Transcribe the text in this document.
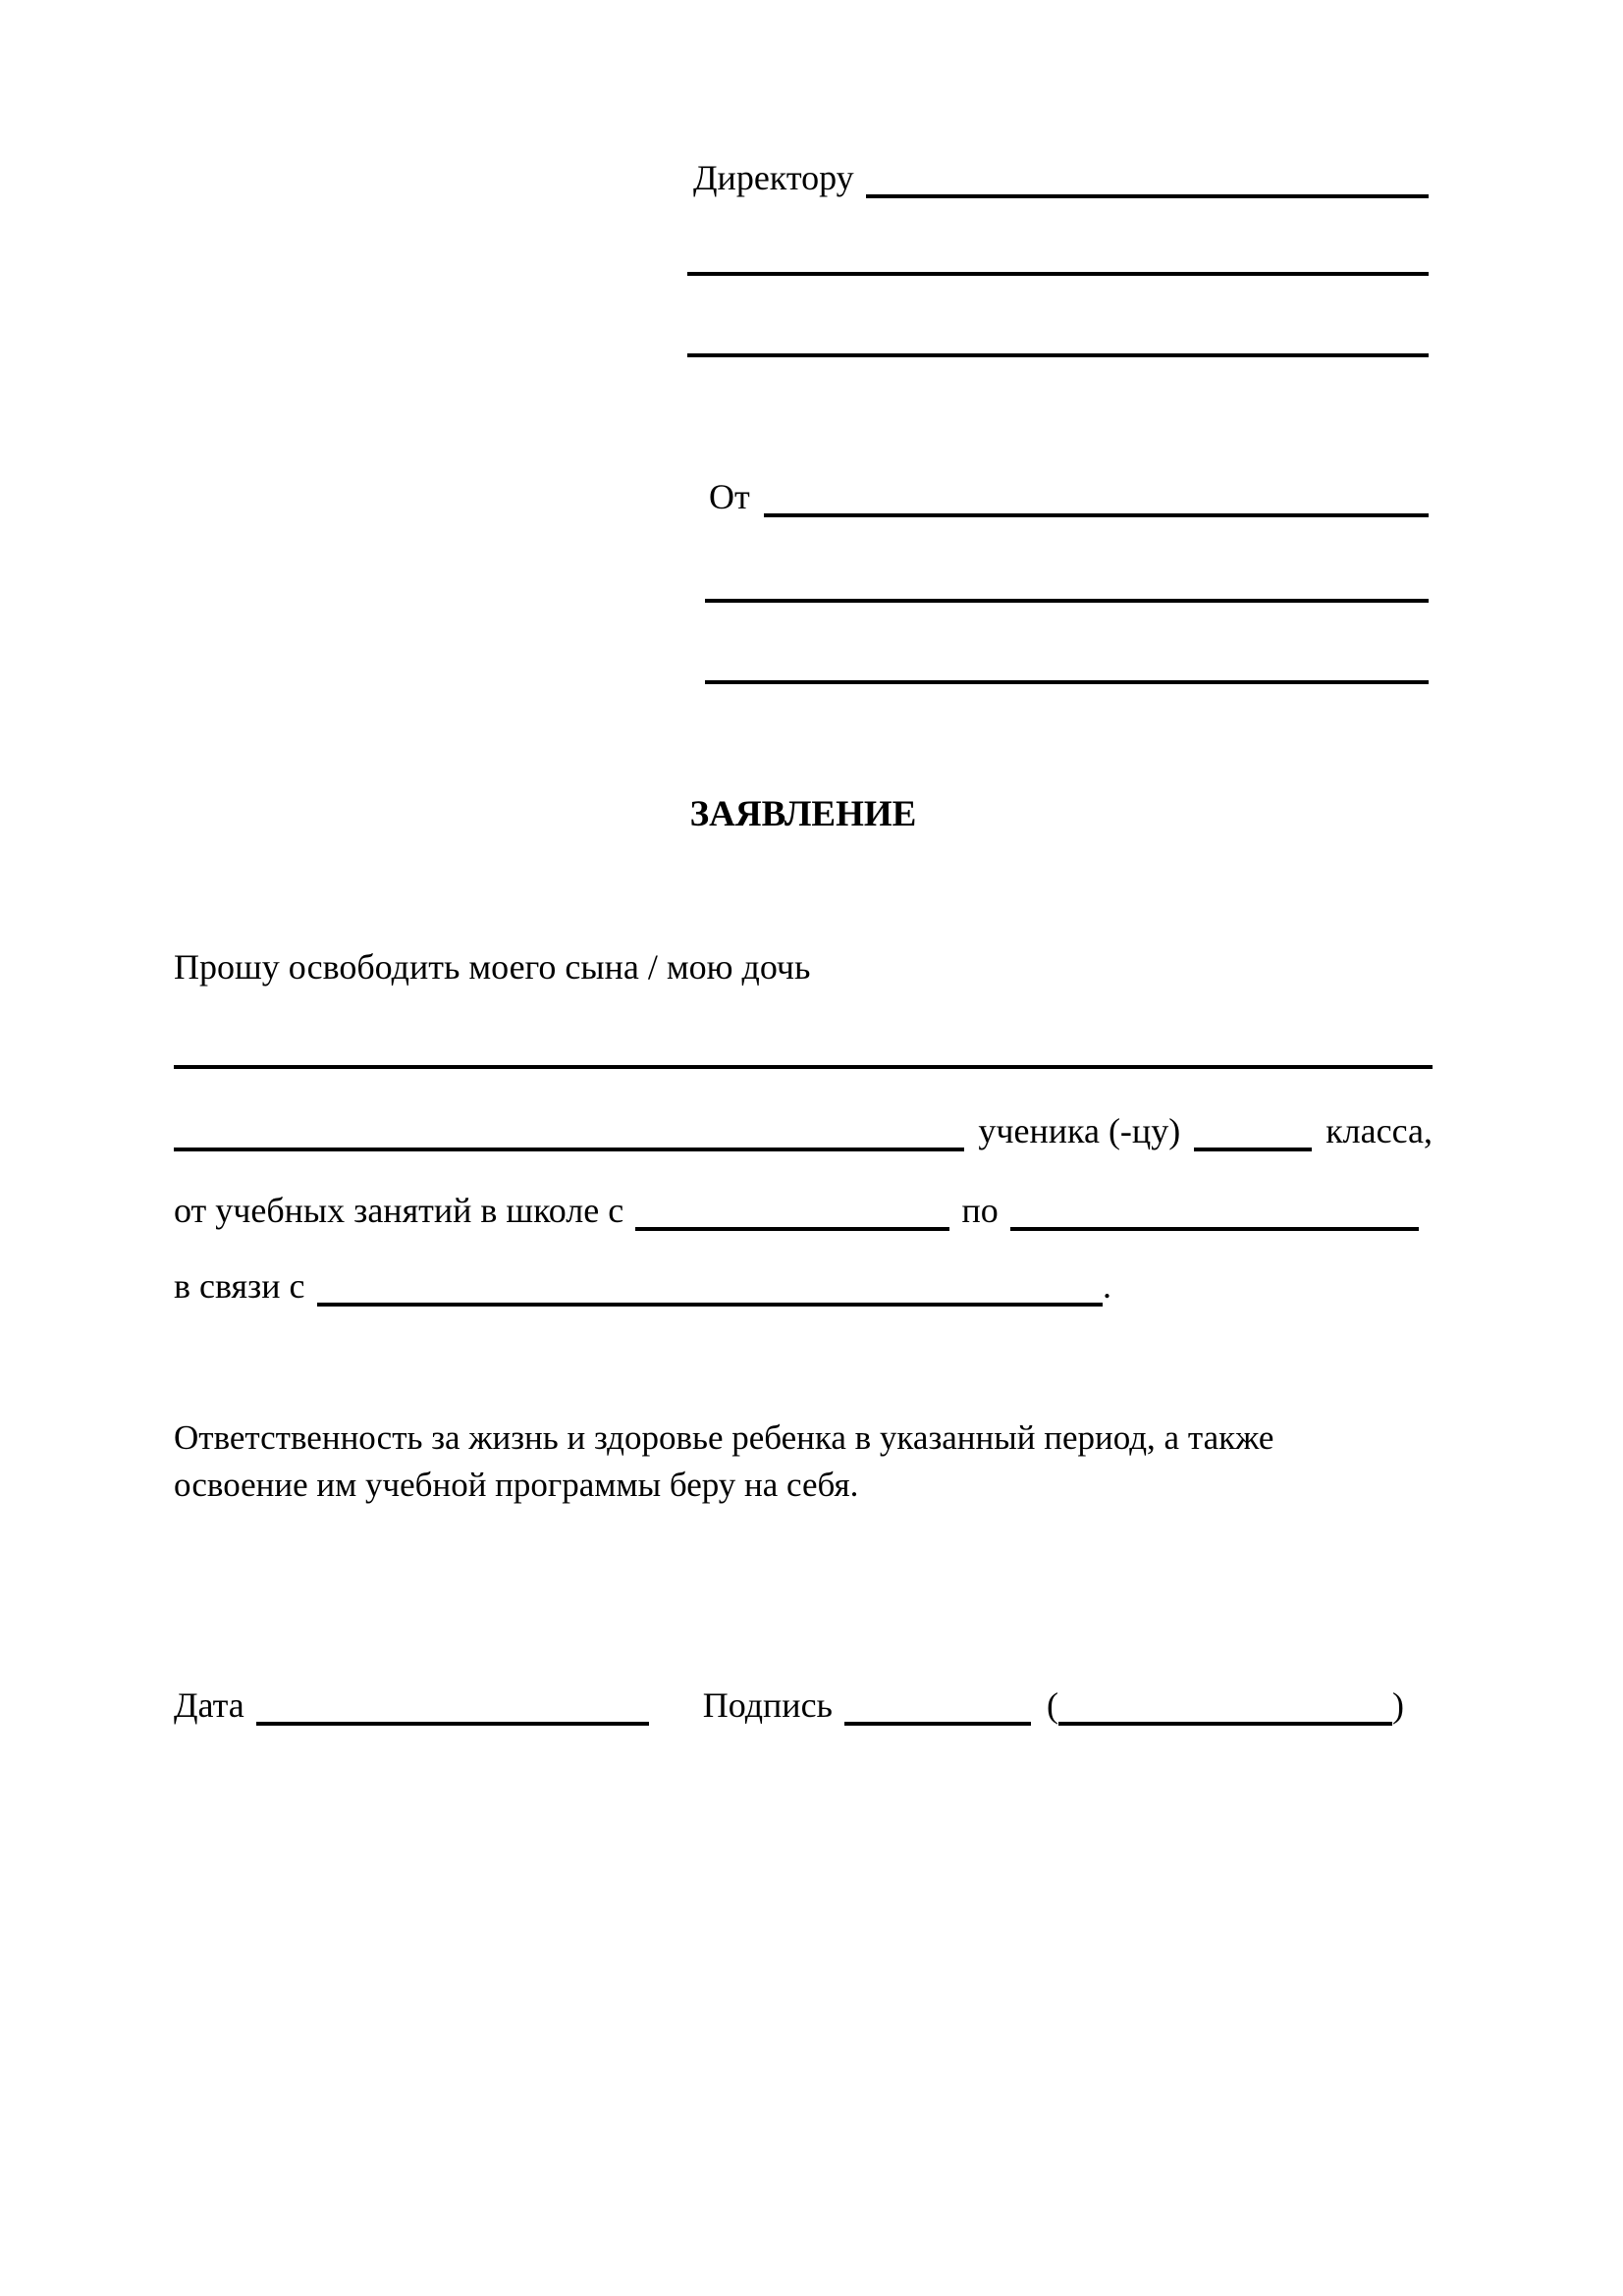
Директору
От
ЗАЯВЛЕНИЕ
Прошу освободить моего сына / мою дочь
ученика (-цу)	класса,
от учебных занятий в школе с	по
в связи с	.
Ответственность за жизнь и здоровье ребенка в указанный период, а также
освоение им учебной программы беру на себя.
Дата	Подпись	(	)
